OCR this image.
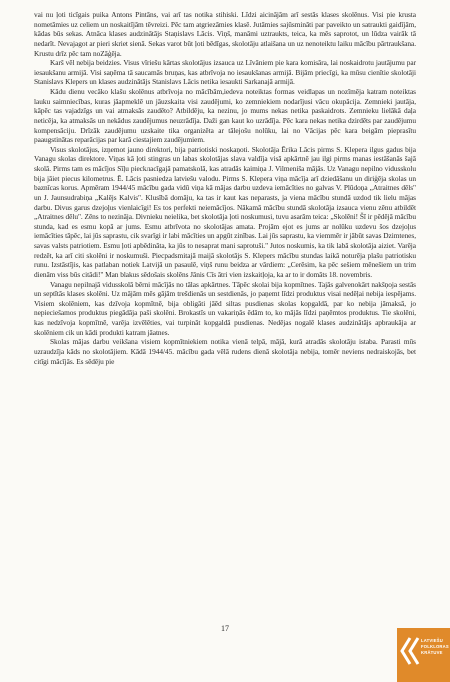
vai nu ļoti ticīgais puika Antons Pintāns, vai arī tas notika stihiski. Līdzi aicinājām arī sestās klases skolēnus. Visi pie krusta nometāmies uz celiem un noskaitījām tēvreizi. Pēc tam atgriezāmies klasē. Jutāmies sajūsmināti par paveikto un satraukti gaidījām, kādas būs sekas. Atnāca klases audzinātājs Staņislavs Lācis. Viņš, manāmi uztraukts, teica, ka mēs saprotot, un lūdza vairāk tā nedarīt. Nevajagot ar pieri skriet sienā. Sekas varot būt ļoti bēdīgas, skolotāju atlaišana un uz nenoteiktu laiku mācību pārtraukšana. Krustu drīz pēc tam noZāģēja.

Karš vēl nebija beidzies. Visus vīriešu kārtas skolotājus izsauca uz Līvāniem pie kara komisāra, lai noskaidrotu jautājumu par iesaukšanu armijā. Visi saņēma tā saucamās bruņas, kas atbrīvoja no iesaukšanas armijā. Bijām priecīgi, ka mūsu cienītie skolotāji Stanislavs Klepers un klases audzinātājs Stanislavs Lācis netika iesaukti Sarkanajā armijā.

Kādu dienu vecāko klašu skolēnus atbrīvoja no mācībām,iedeva noteiktas formas veidlapas un nozīmēja katram noteiktas lauku saimniecības, kuras jāapmeklē un jāuzskaita visi zaudējumi, ko zemniekiem nodarījusi vācu okupācija. Zemnieki jautāja, kāpēc tas vajadzīgs un vai atmaksās zaudēto? Atbildēju, ka nezinu, jo mums nekas netika paskaidrots. Zemnieku lielākā daļa neticēja, ka atmaksās un nekādus zaudējumus neuzrādīja. Daži gan kaut ko uzrādīja. Pēc kara nekas netika dzirdēts par zaudējumu kompensāciju. Drīzāk zaudējumu uzskaite tika organizēta ar tālejošu nolūku, lai no Vācijas pēc kara beigām pieprasītu paaugstinātas reparācijas par karā ciestajiem zaudējumiem.

Visus skolotājus, izņemot jauno direktori, bija patriotiski noskaņoti. Skolotāja Ērika Lācis pirms S. Klepera ilgus gadus bija Vanagu skolas direktore. Viņas kā ļoti stingras un labas skolotājas slava valdīja visā apkārtnē jau ilgi pirms manas iestāšanās šajā skolā. Pirms tam es mācījos Sīļu pieckласīgajā pamatskolā, kas atradās kaimiņa J. Vilmeniša mājās. Uz Vanagu nepilno vidusskolu bija jāiet piecus kilometrus. Ē. Lācis pasniedza latviešu valodu. Pirms S. Klepera viņa mācīja arī dziedāšanu un diriģēja skolas un baznīcas korus. Apmēram 1944/45 mācību gada vidū viņa kā mājas darbu uzdeva iemācīties no galvas V. Plūdoņa „Atraitnes dēls" un J. Jaunsudrabiņa „Kalējs Kalvis". Klusībā domāju, ka tas ir kaut kas neparasts, ja viena mācību stundā uzdod tik lielu mājas darbu. Divus garus dzejoļus vienlaicīgi! Es tos perfekti neiemācījos. Nākamā mācību stundā skolotāja izsauca vienu zēnu atbildēt „Atraitnes dēlu". Zēns to nezināja. Divnieku neielika, bet skolotāja ļoti noskumusi, tuvu asarām teica: „Skolēni! Šī ir pēdējā mācību stunda, kad es esmu kopā ar jums. Esmu atbrīvota no skolotājas amata. Projām ejot es jums ar nolūku uzdevu šos dzejoļus iemācīties tāpēc, lai jūs saprastu, cik svarīgi ir labi mācīties un apgūt zinības. Lai jūs saprastu, ka viemmēr ir jābūt savas Dzimtenes, savas valsts patriotiem. Esmu ļoti apbēdināta, ka jūs to nesaprat mani saprotuši." Jutos noskumis, ka tik labā skolotāja aiziet. Varēja redzēt, ka arī citi skolēni ir noskumuši. Piecpadsmitajā maijā skolotājs S. Klepers mācību stundas laikā noturēja plašu patriotisku runu. Izstāstījis, kas patlaban notiek Latvijā un pasaulē, viņš runu beidza ar vārdiem: „Cerēsim, ka pēc sešiem mēnešiem un trim dienām viss būs citādi!" Man blakus sēdošais skolēns Jānis Cīs ātri vien izskaitļoja, ka ar to ir domāts 18. novembris.

Vanagu nepilnajā vidusskolā bērni mācījās no tālas apkārtnes. Tāpēc skolai bija kopmītnes. Tajās galvenokārt nakšņoja sestās un septītās klases skolēni. Uz mājām mēs gājām trešdienās un sestdienās, jo paņemt līdzi produktus visai nedēļai nebija iespējams. Visiem skolēniem, kas dzīvoja kopmītnē, bija obligāti jāēd siltas pusdienas skolas kopgaldā, par ko nebija jāmaksā, jo nepieciešamos produktus piegādāja paši skolēni. Brokastīs un vakariņās ēdām to, ko mājās līdzi paņēmtos produktus. Tie skolēni, kas nedzīvoja kopmītnē, varēja izvēlēties, vai turpināt kopgaldā pusdienas. Nedējas nogalē klases audzinātājs apbraukāja ar skolēniem cik un kādi produkti katram jāatnes.

Skolas mājas darbu veikšana visiem kopmītniekiem notika vienā telpā, mājā, kurā atradās skolotāju istaba. Parasti mūs uzraudzīja kāds no skolotājiem. Kādā 1944/45. mācību gada vēlā rudens dienā skolotāja nebija, tomēr neviens nedraiskojās, bet citīgi mācījās. Es sēdēju pie

17
LATVIEŠU
FOLKLORAS
KRĀTUVE
